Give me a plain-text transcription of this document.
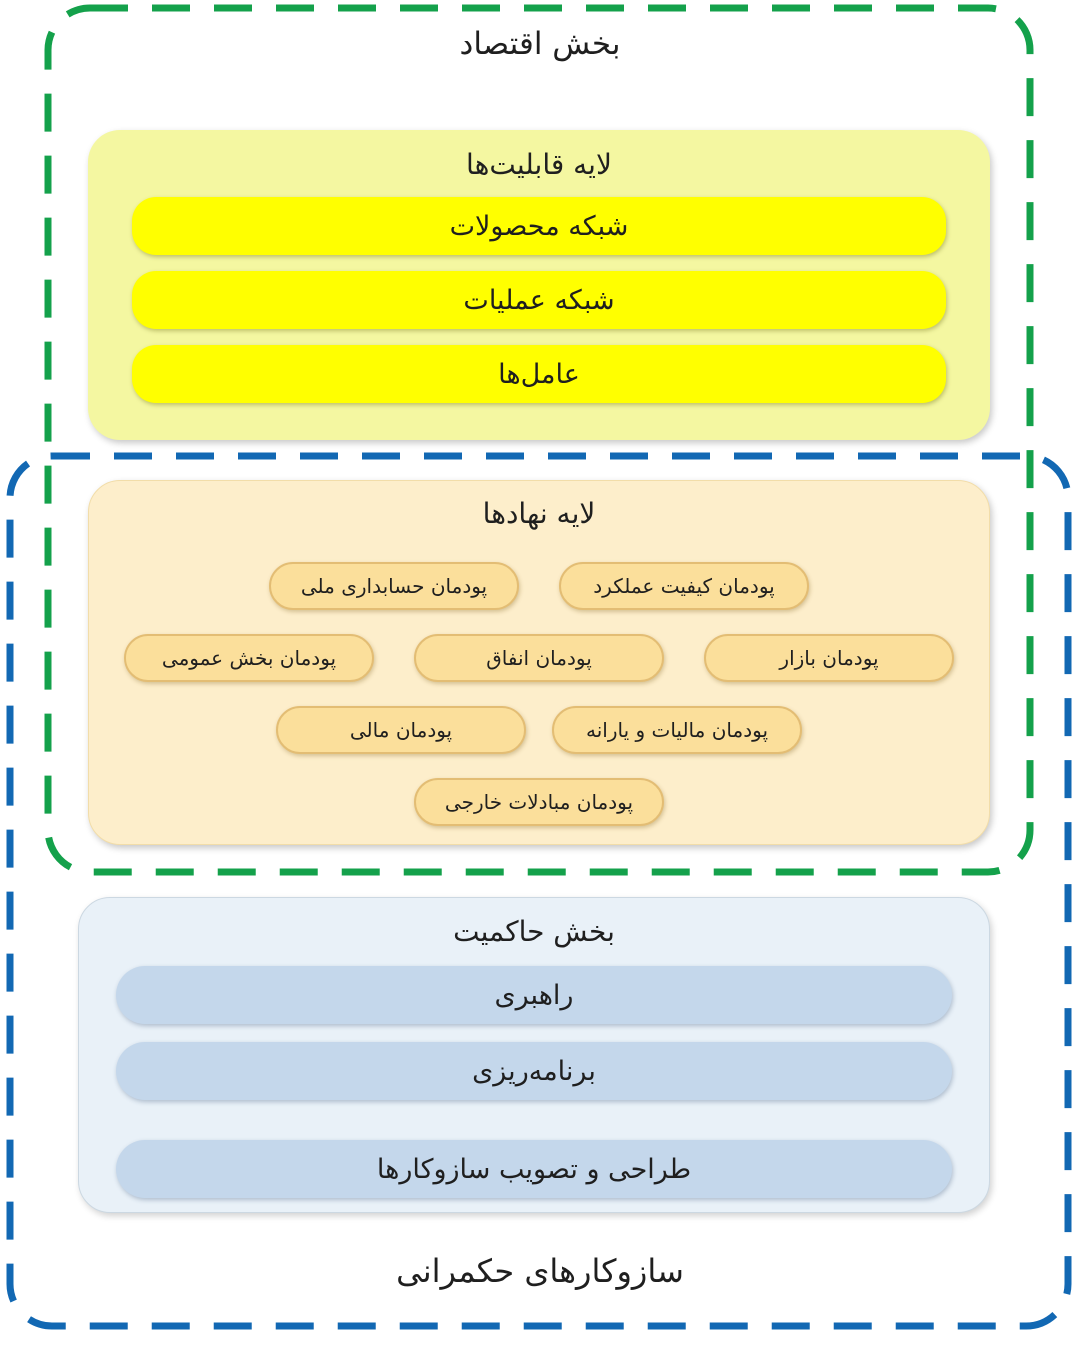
بخش اقتصاد
لایه قابلیت‌ها
شبکه محصولات
شبکه عملیات
عامل‌ها
لایه نهادها
پودمان کیفیت عملکرد
پودمان حسابداری ملی
پودمان بازار
پودمان انفاق
پودمان بخش عمومی
پودمان مالیات و یارانه
پودمان مالی
پودمان مبادلات خارجی
بخش حاکمیت
راهبری
برنامه‌ریزی
طراحی و تصویب سازوکارها
سازوکارهای حکمرانی
